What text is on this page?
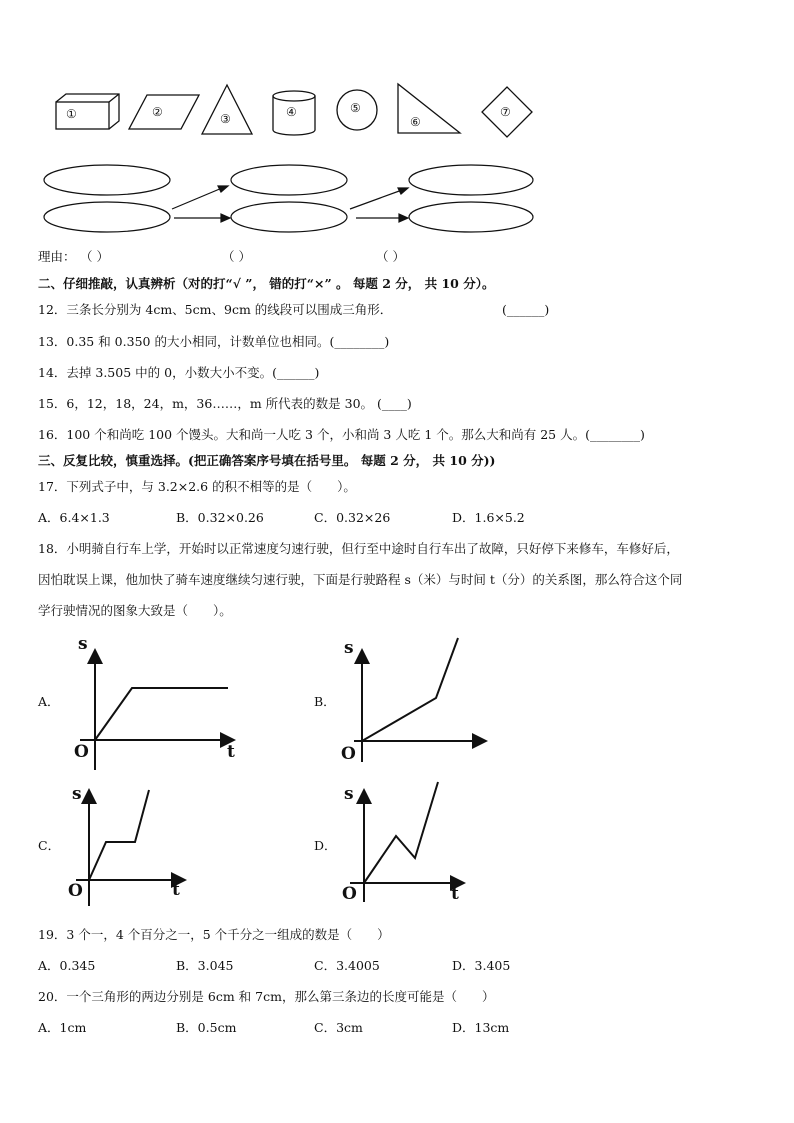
①	②	③	④	⑤
⑥
⑦
理由： （ ）	（ ）	（ ）
二、仔细推敲，认真辨析（对的打“√ ”， 错的打“×” 。 每题 2 分， 共 10 分）。
12．三条长分别为 4cm、5cm、9cm 的线段可以围成三角形．	(______)
13．0.35 和 0.350 的大小相同，计数单位也相同。(________)
14．去掉 3.505 中的 0，小数大小不变。(______)
15．6，12，18，24，m，36……，m 所代表的数是 30。 (____)
16．100 个和尚吃 100 个馒头。大和尚一人吃 3 个，小和尚 3 人吃 1 个。那么大和尚有 25 人。(________)
三、反复比较，慎重选择。(把正确答案序号填在括号里。 每题 2 分， 共 10 分))
17．下列式子中，与 3.2×2.6 的积不相等的是（　　）。
A．6.4×1.3	B．0.32×0.26	C．0.32×26	D．1.6×5.2
18．小明骑自行车上学，开始时以正常速度匀速行驶，但行至中途时自行车出了故障，只好停下来修车，车修好后，
因怕耽误上课，他加快了骑车速度继续匀速行驶，下面是行驶路程 s（米）与时间 t（分）的关系图，那么符合这个同
学行驶情况的图象大致是（　　）。
A．	B．
C．	D．
s
t
O
s
O
s
t
O
s
t
O
19．3 个一，4 个百分之一，5 个千分之一组成的数是（　　）
A．0.345	B．3.045	C．3.4005	D．3.405
20．一个三角形的两边分别是 6cm 和 7cm，那么第三条边的长度可能是（　　）
A．1cm	B．0.5cm	C．3cm	D．13cm
